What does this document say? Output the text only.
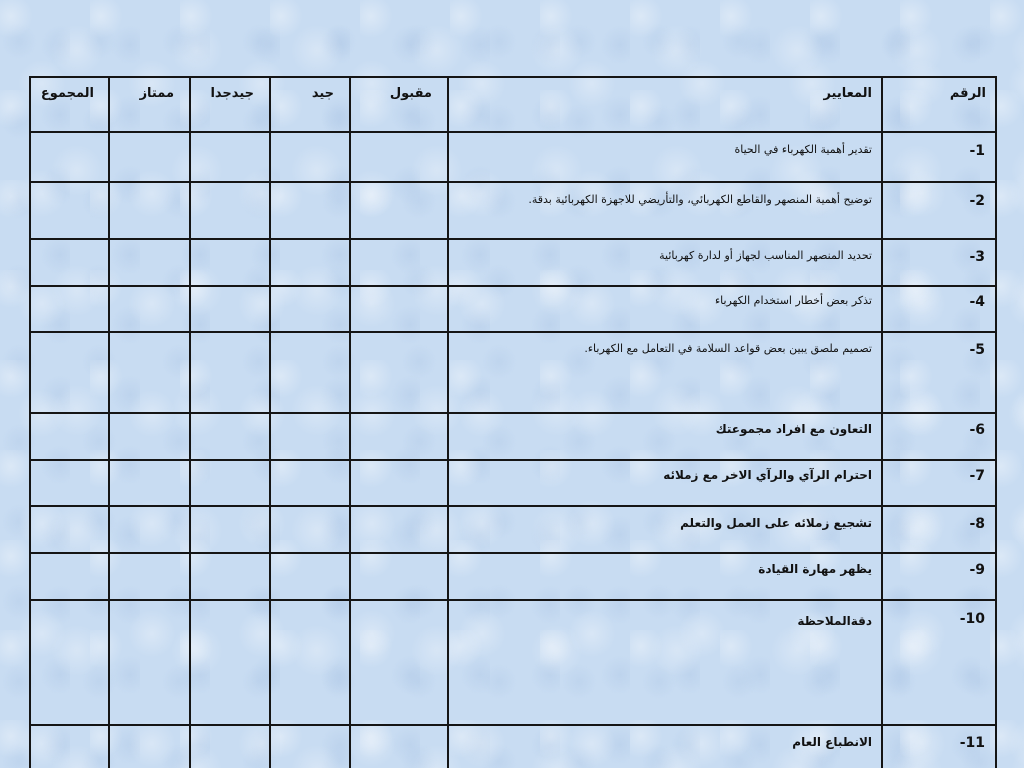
الرقم
المعايير
مقبول
جيد
جيدجدا
ممتاز
المجموع
1-
تقدير أهمية الكهرباء في الحياة
2-
توضيح أهمية المنصهر والقاطع الكهربائي، والتأريضي للاجهزة الكهربائية بدقة.
3-
تحديد المنصهر المناسب لجهاز أو لدارة كهربائية
4-
تذكر بعض أخطار استخدام الكهرباء
5-
تصميم ملصق يبين بعض قواعد السلامة في التعامل مع الكهرباء.
6-
التعاون مع افراد مجموعتك
7-
احترام الرآي والرآي الاخر مع زملائه
8-
تشجيع زملائه على العمل والتعلم
9-
يظهر مهارة القيادة
10-
دقةالملاحظة
11-
الانطباع العام
